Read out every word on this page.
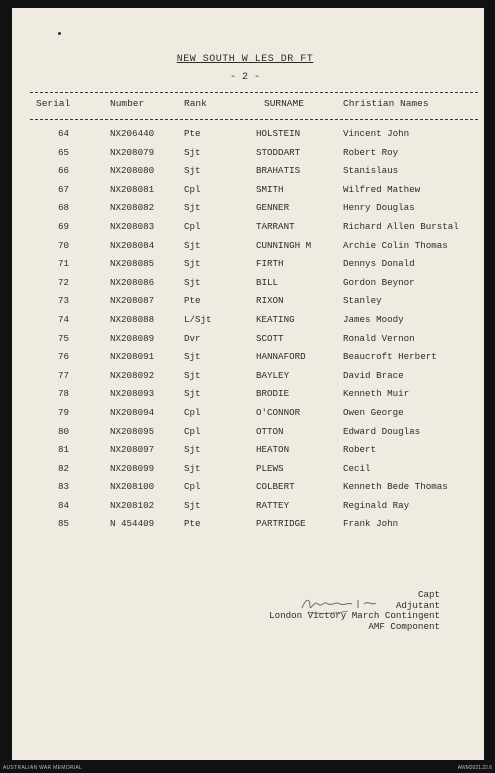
NEW SOUTH W LES DR FT
- 2 -
Serial	Number	Rank	SURNAME	Christian Names
64	NX206440	Pte	HOLSTEIN	Vincent John
65	NX208079	Sjt	STODDART	Robert Roy
66	NX208080	Sjt	BRAHATIS	Stanislaus
67	NX208081	Cpl	SMITH	Wilfred Mathew
68	NX208082	Sjt	GENNER	Henry Douglas
69	NX208083	Cpl	TARRANT	Richard Allen Burstal
70	NX208084	Sjt	CUNNINGH M	Archie Colin Thomas
71	NX208085	Sjt	FIRTH	Dennys Donald
72	NX208086	Sjt	BILL	Gordon Beynor
73	NX208087	Pte	RIXON	Stanley
74	NX208088	L/Sjt	KEATING	James Moody
75	NX208089	Dvr	SCOTT	Ronald Vernon
76	NX208091	Sjt	HANNAFORD	Beaucroft Herbert
77	NX208092	Sjt	BAYLEY	David Brace
78	NX208093	Sjt	BRODIE	Kenneth Muir
79	NX208094	Cpl	O'CONNOR	Owen George
80	NX208095	Cpl	OTTON	Edward Douglas
81	NX208097	Sjt	HEATON	Robert
82	NX208099	Sjt	PLEWS	Cecil
83	NX208100	Cpl	COLBERT	Kenneth Bede Thomas
84	NX208102	Sjt	RATTEY	Reginald Ray
85	N 454409	Pte	PARTRIDGE	Frank John
Capt
Adjutant
London Victory March Contingent
AMF Component
AUSTRALIAN WAR MEMORIAL	AWM2021.22.6
